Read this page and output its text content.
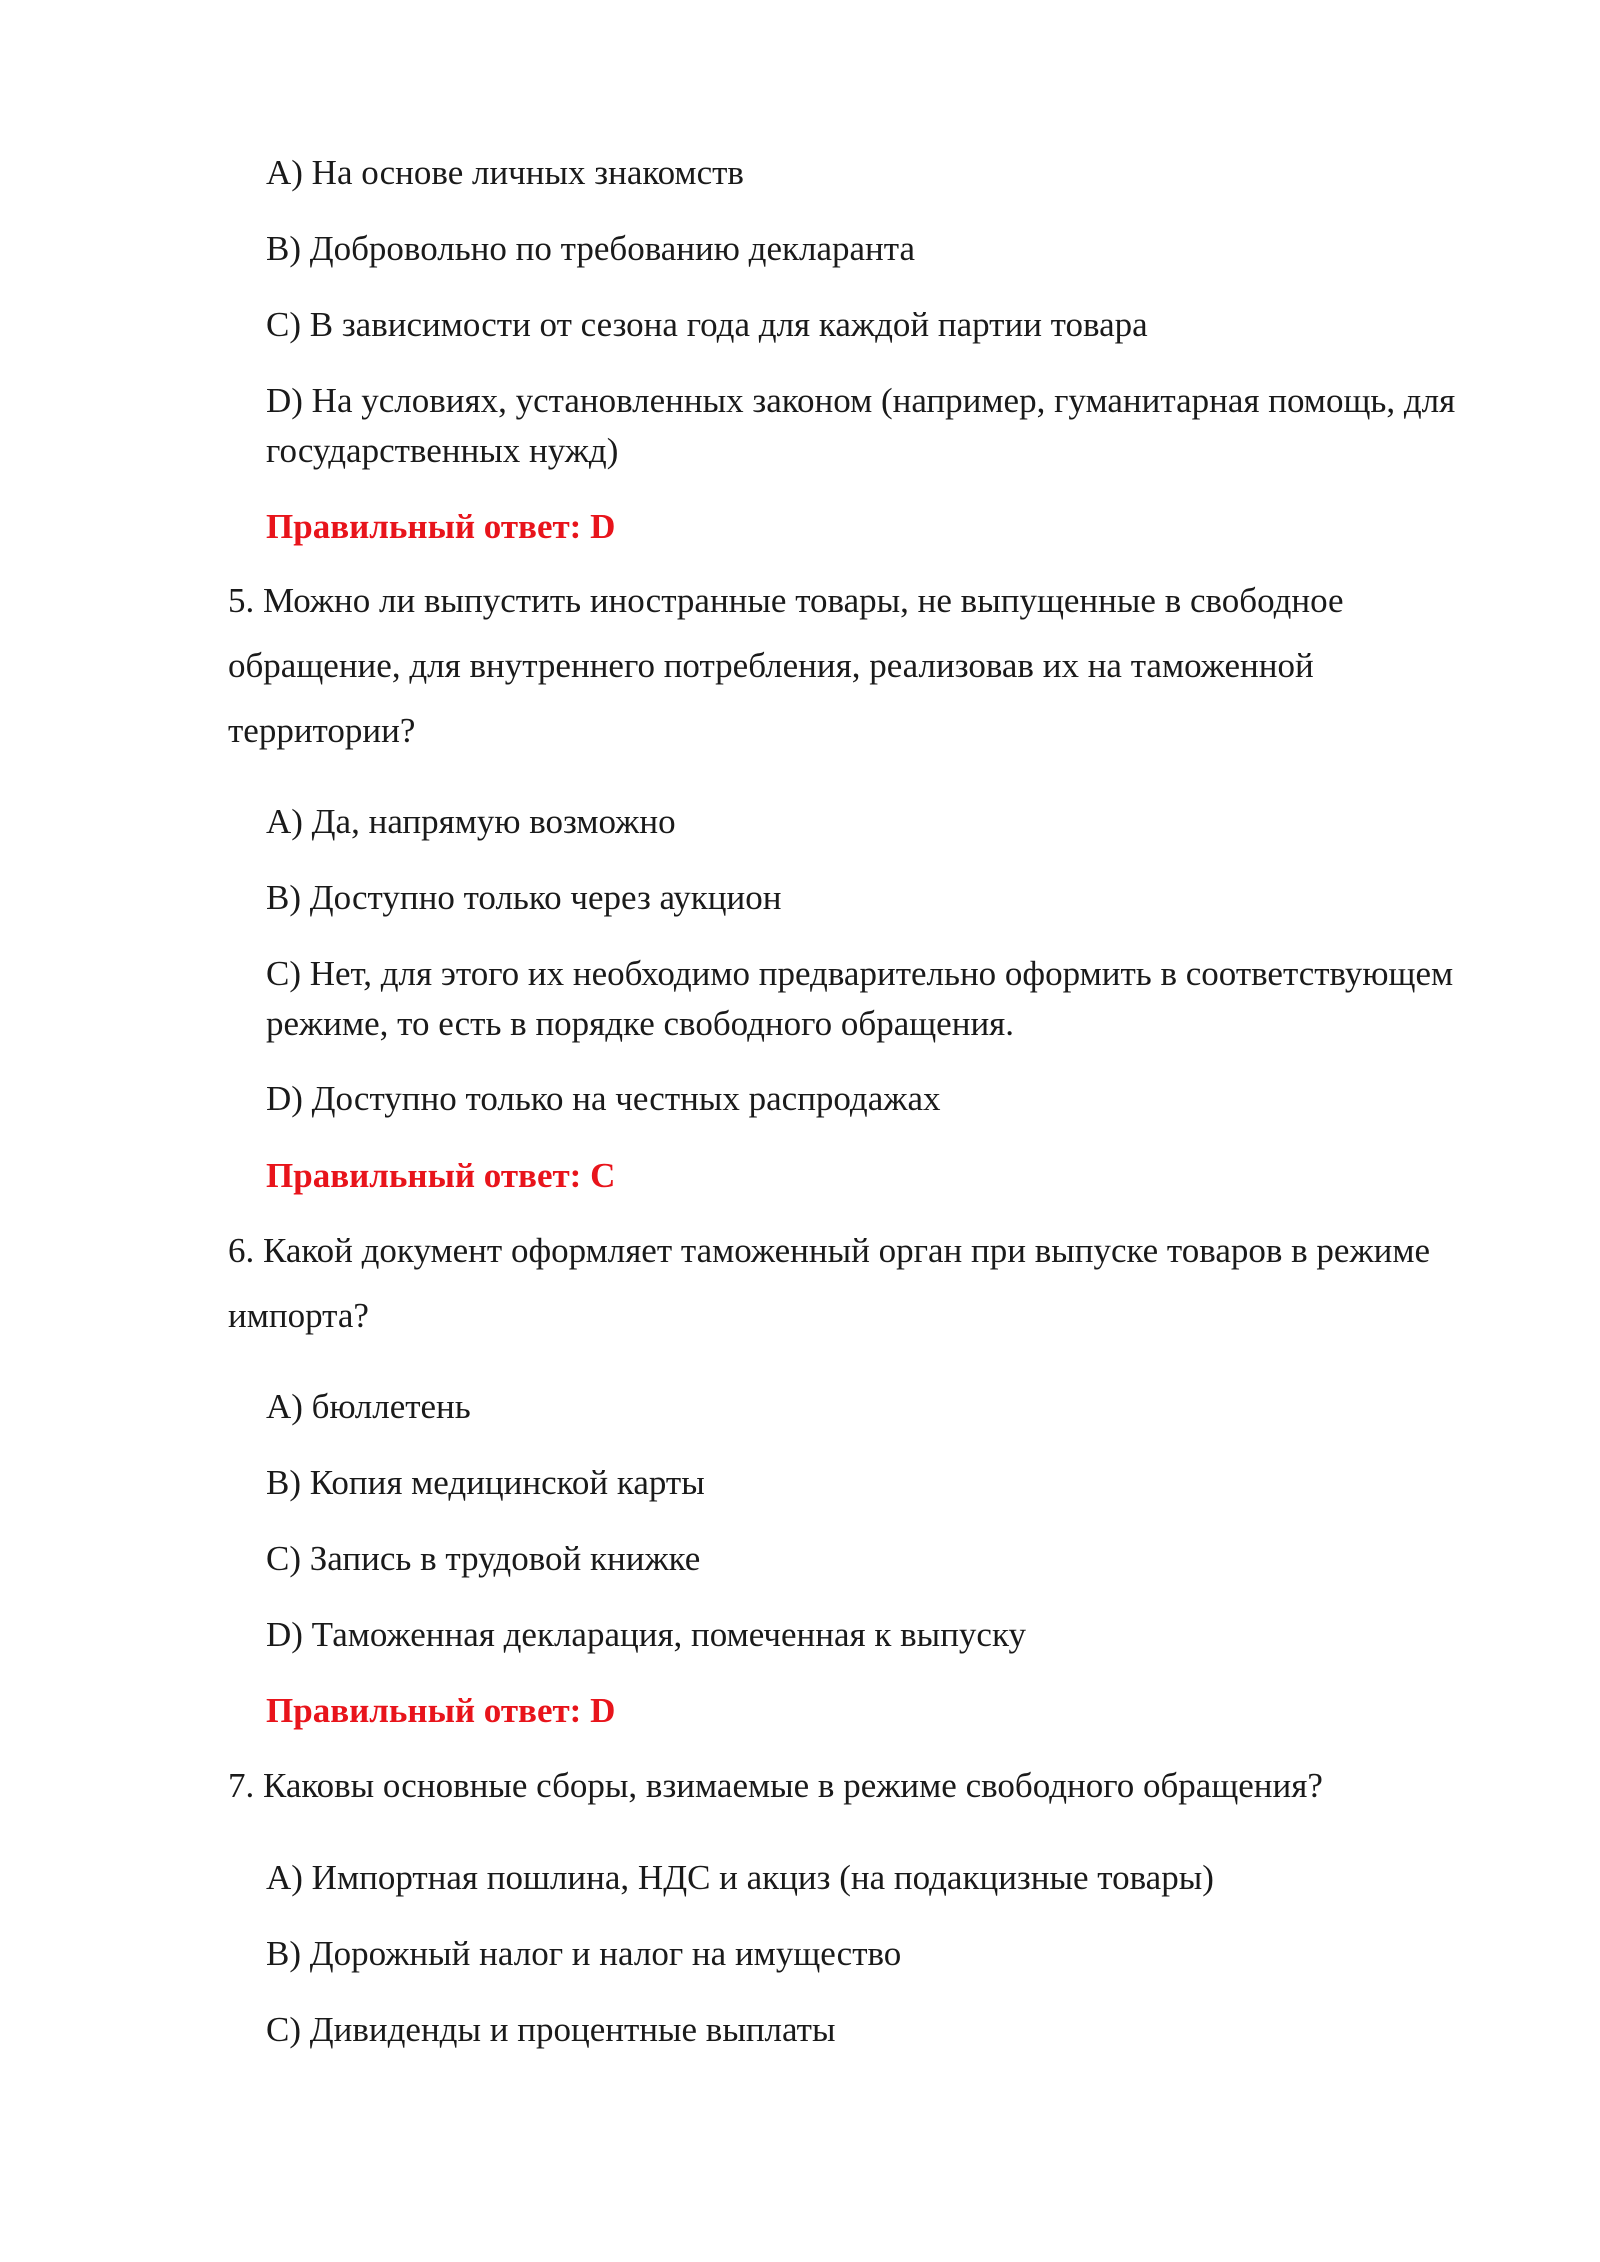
A) На основе личных знакомств

B) Добровольно по требованию декларанта

C) В зависимости от сезона года для каждой партии товара

D) На условиях, установленных законом (например, гуманитарная помощь, для государственных нужд)

Правильный ответ: D

5. Можно ли выпустить иностранные товары, не выпущенные в свободное обращение, для внутреннего потребления, реализовав их на таможенной территории?

A) Да, напрямую возможно

B) Доступно только через аукцион

C) Нет, для этого их необходимо предварительно оформить в соответствующем режиме, то есть в порядке свободного обращения.

D) Доступно только на честных распродажах

Правильный ответ: C

6. Какой документ оформляет таможенный орган при выпуске товаров в режиме импорта?

A) бюллетень

B) Копия медицинской карты

C) Запись в трудовой книжке

D) Таможенная декларация, помеченная к выпуску

Правильный ответ: D

7. Каковы основные сборы, взимаемые в режиме свободного обращения?

A) Импортная пошлина, НДС и акциз (на подакцизные товары)

B) Дорожный налог и налог на имущество

C) Дивиденды и процентные выплаты
